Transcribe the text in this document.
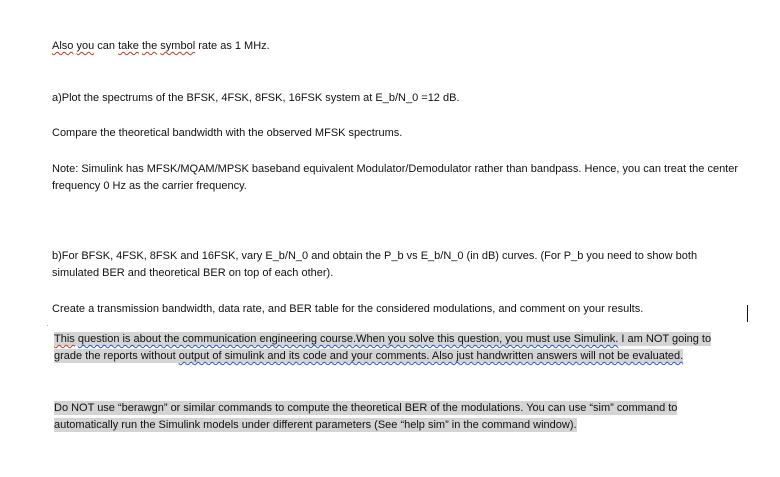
Also you can take the symbol rate as 1 MHz.

a)Plot the spectrums of the BFSK, 4FSK, 8FSK, 16FSK system at E_b/N_0 =12 dB.

Compare the theoretical bandwidth with the observed MFSK spectrums.

Note: Simulink has MFSK/MQAM/MPSK baseband equivalent Modulator/Demodulator rather than bandpass. Hence, you can treat the center frequency 0 Hz as the carrier frequency.

b)For BFSK, 4FSK, 8FSK and 16FSK, vary E_b/N_0 and obtain the P_b vs E_b/N_0 (in dB) curves. (For P_b you need to show both simulated BER and theoretical BER on top of each other).

Create a transmission bandwidth, data rate, and BER table for the considered modulations, and comment on your results.

·

This question is about the communication engineering course.When you solve this question, you must use Simulink. I am NOT going to grade the reports without output of simulink and its code and your comments. Also just handwritten answers will not be evaluated.

Do NOT use “berawgn” or similar commands to compute the theoretical BER of the modulations. You can use “sim” command to automatically run the Simulink models under different parameters (See “help sim” in the command window).
